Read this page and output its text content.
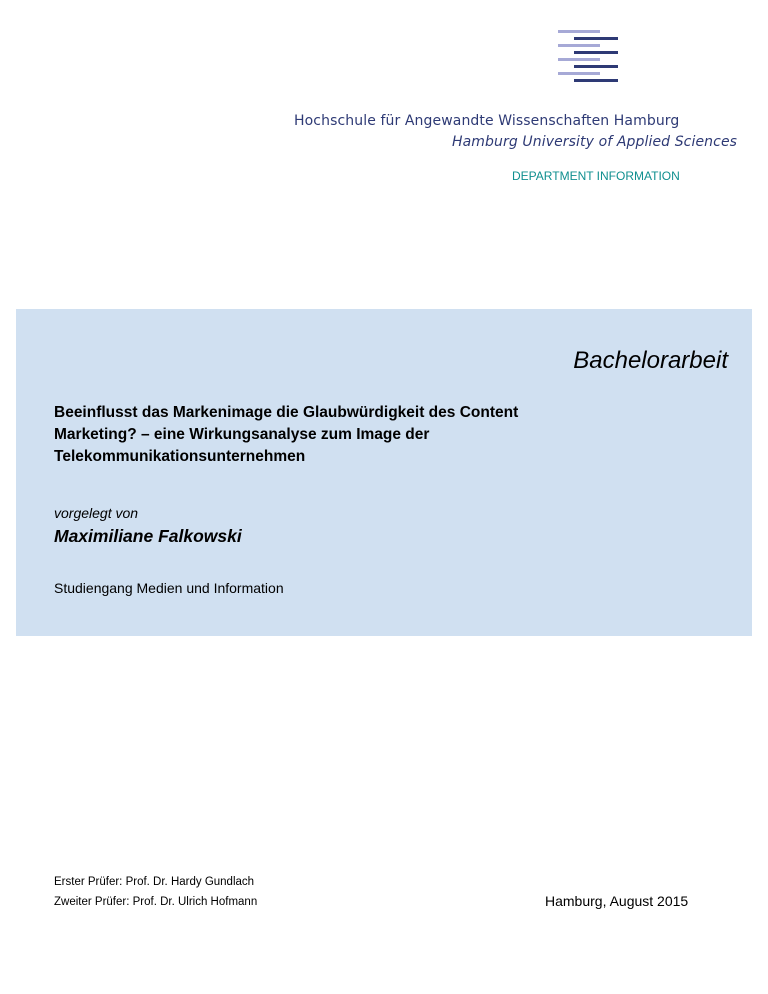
Hochschule für Angewandte Wissenschaften Hamburg
Hamburg University of Applied Sciences
DEPARTMENT INFORMATION
Bachelorarbeit
Beeinflusst das Markenimage die Glaubwürdigkeit des Content
Marketing? – eine Wirkungsanalyse zum Image der
Telekommunikationsunternehmen
vorgelegt von
Maximiliane Falkowski
Studiengang Medien und Information
Erster Prüfer: Prof. Dr. Hardy Gundlach
Zweiter Prüfer: Prof. Dr. Ulrich Hofmann	Hamburg, August 2015
